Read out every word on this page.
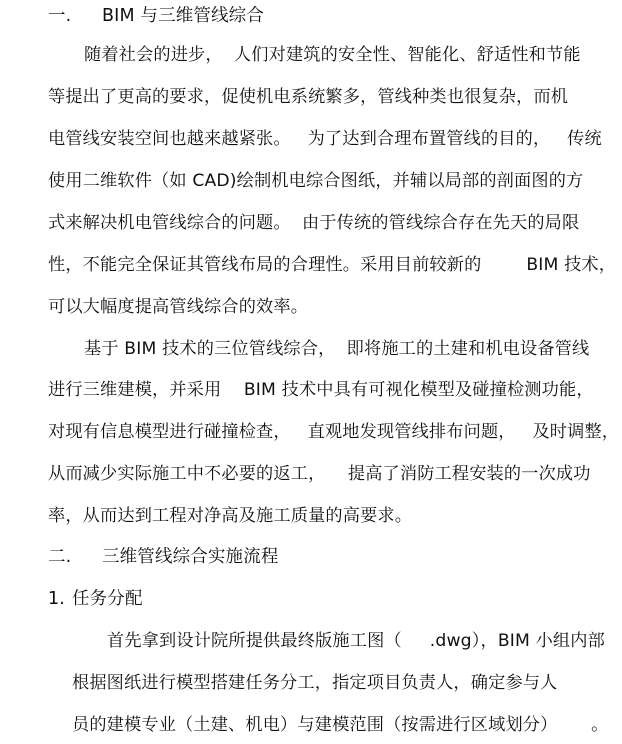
一. BIM 与三维管线综合
随着社会的进步，  人们对建筑的安全性、智能化、舒适性和节能
等提出了更高的要求，促使机电系统繁多，管线种类也很复杂，而机
电管线安装空间也越来越紧张。   为了达到合理布置管线的目的，   传统
使用二维软件（如 CAD)绘制机电综合图纸，并辅以局部的剖面图的方
式来解决机电管线综合的问题。  由于传统的管线综合存在先天的局限
性，不能完全保证其管线布局的合理性。采用目前较新的        BIM 技术，
可以大幅度提高管线综合的效率。
基于 BIM 技术的三位管线综合，  即将施工的土建和机电设备管线
进行三维建模，并采用    BIM 技术中具有可视化模型及碰撞检测功能，
对现有信息模型进行碰撞检查，   直观地发现管线排布问题，   及时调整，
从而减少实际施工中不必要的返工，    提高了消防工程安装的一次成功
率，从而达到工程对净高及施工质量的高要求。
二. 三维管线综合实施流程
1. 任务分配
首先拿到设计院所提供最终版施工图（     .dwg），BIM 小组内部
根据图纸进行模型搭建任务分工，指定项目负责人，确定参与人
员的建模专业（土建、机电）与建模范围（按需进行区域划分）      。
